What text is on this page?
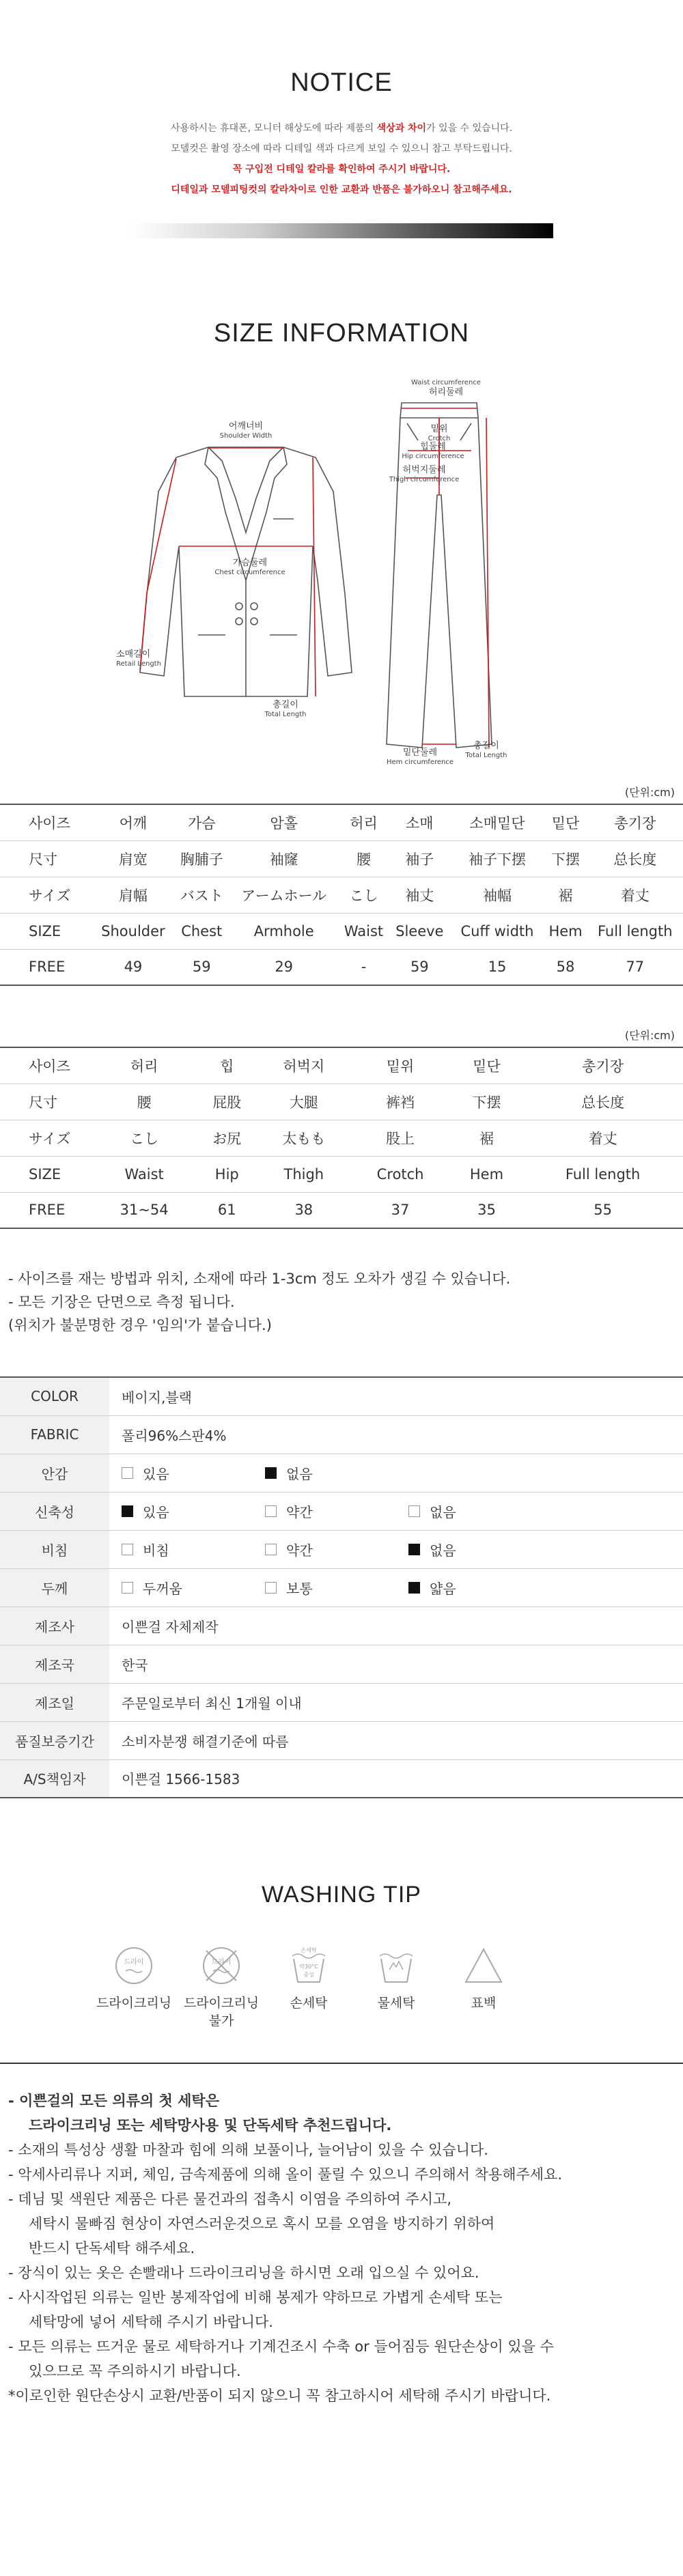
NOTICE
사용하시는 휴대폰, 모니터 해상도에 따라 제품의 색상과 차이가 있을 수 있습니다.
모델컷은 촬영 장소에 따라 디테일 색과 다르게 보일 수 있으니 참고 부탁드립니다.
꼭 구입전 디테일 칼라를 확인하여 주시기 바랍니다.
디테일과 모델피팅컷의 칼라차이로 인한 교환과 반품은 불가하오니 참고해주세요.
SIZE INFORMATION
어깨너비
Shoulder Width
가슴둘레
Chest circumference
소매길이
Retail Length
총길이
Total Length
Waist circumference
허리둘레
밑위
Crotch
힙둘레
Hip circumference
허벅지둘레
Thigh circumference
밑단둘레
Hem circumference
총길이
Total Length
(단위:cm)
사이즈	어깨	가슴	암홀	허리	소매	소매밑단	밑단	총기장
尺寸	肩宽	胸脯子	袖窿	腰	袖子	袖子下摆	下摆	总长度
サイズ	肩幅	バスト	アームホール	こし	袖丈	袖幅	裾	着丈
SIZE	Shoulder	Chest	Armhole	Waist	Sleeve	Cuff width	Hem	Full length
FREE	49	59	29	-	59	15	58	77
(단위:cm)
사이즈	허리	힙	허벅지	밑위	밑단	총기장
尺寸	腰	屁股	大腿	裤裆	下摆	总长度
サイズ	こし	お尻	太もも	股上	裾	着丈
SIZE	Waist	Hip	Thigh	Crotch	Hem	Full length
FREE	31~54	61	38	37	35	55
- 사이즈를 재는 방법과 위치, 소재에 따라 1-3cm 정도 오차가 생길 수 있습니다.
- 모든 기장은 단면으로 측정 됩니다.
(위치가 불분명한 경우 '임의'가 붙습니다.)
COLOR	베이지,블랙
FABRIC	폴리96%스판4%
안감	있음 없음

신축성	있음 약간 없음

비침	비침 약간 없음

두께	두꺼움 보통 얇음

제조사	이쁜걸 자체제작
제조국	한국
제조일	주문일로부터 최신 1개월 이내
품질보증기간	소비자분쟁 해결기준에 따름
A/S책임자	이쁜걸 1566-1583
WASHING TIP
드라이
드라이크리닝
드라이
드라이크리닝
불가
손세탁
약30°C
중성
손세탁	물세탁	표백
- 이쁜걸의 모든 의류의 첫 세탁은
드라이크리닝 또는 세탁망사용 및 단독세탁 추천드립니다.
- 소재의 특성상 생활 마찰과 힘에 의해 보풀이나, 늘어남이 있을 수 있습니다.
- 악세사리류나 지퍼, 체임, 금속제품에 의해 올이 풀릴 수 있으니 주의해서 착용해주세요.
- 데님 및 색원단 제품은 다른 물건과의 접촉시 이염을 주의하여 주시고,
세탁시 물빠짐 현상이 자연스러운것으로 혹시 모를 오염을 방지하기 위하여
반드시 단독세탁 해주세요.
- 장식이 있는 옷은 손빨래나 드라이크리닝을 하시면 오래 입으실 수 있어요.
- 사시작업된 의류는 일반 봉제작업에 비해 봉제가 약하므로 가볍게 손세탁 또는
세탁망에 넣어 세탁해 주시기 바랍니다.
- 모든 의류는 뜨거운 물로 세탁하거나 기계건조시 수축 or 들어짐등 원단손상이 있을 수
있으므로 꼭 주의하시기 바랍니다.
*이로인한 원단손상시 교환/반품이 되지 않으니 꼭 참고하시어 세탁해 주시기 바랍니다.
